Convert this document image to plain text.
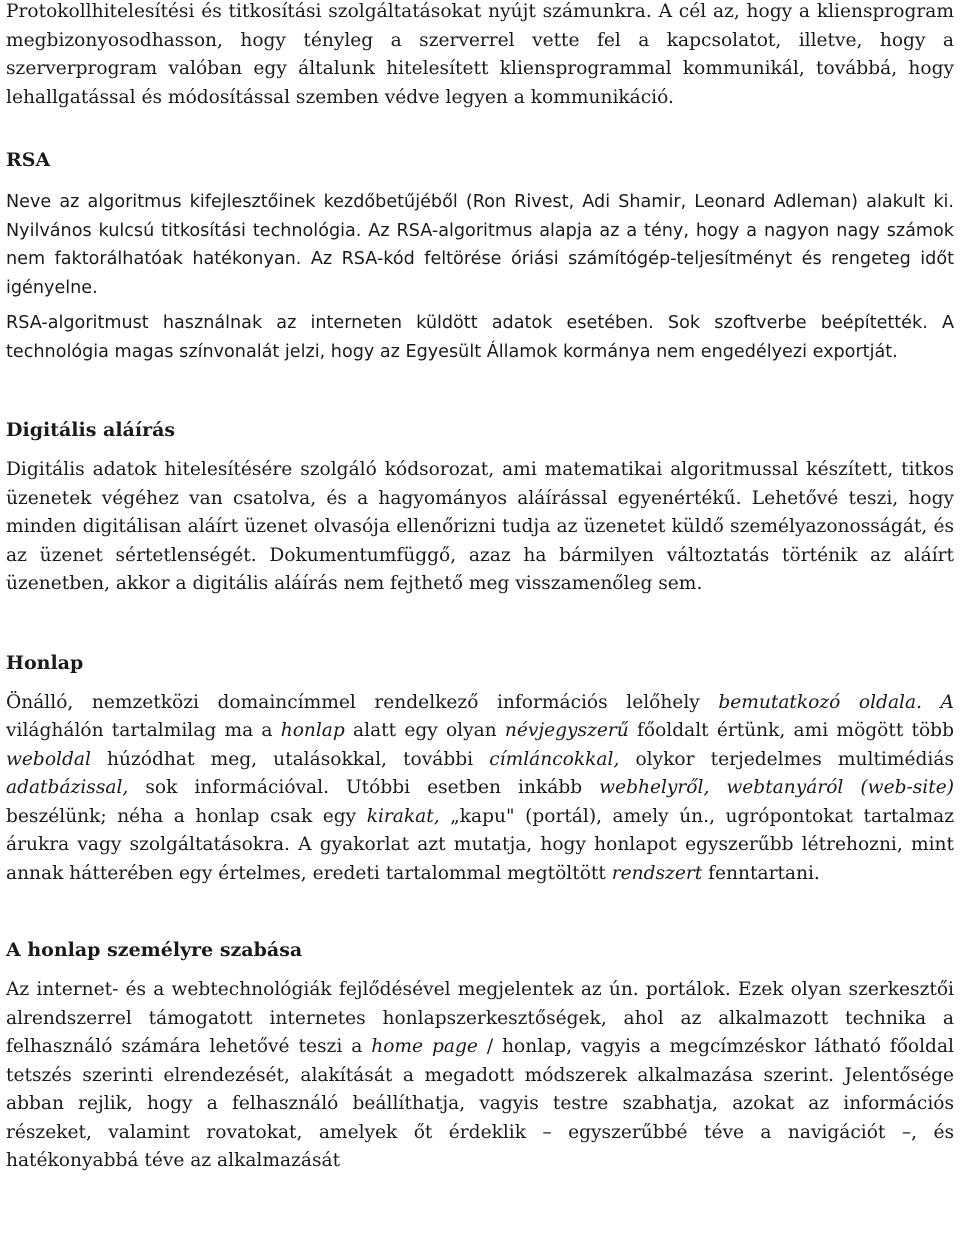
Protokollhitelesítési és titkosítási szolgáltatásokat nyújt számunkra. A cél az, hogy a kliensprogram megbizonyosodhasson, hogy tényleg a szerverrel vette fel a kapcsolatot, illetve, hogy a szerverprogram valóban egy általunk hitelesített kliensprogrammal kommunikál, továbbá, hogy lehallgatással és módosítással szemben védve legyen a kommunikáció.

RSA

Neve az algoritmus kifejlesztőinek kezdőbetűjéből (Ron Rivest, Adi Shamir, Leonard Adleman) alakult ki. Nyilvános kulcsú titkosítási technológia. Az RSA-algoritmus alapja az a tény, hogy a nagyon nagy számok nem faktorálhatóak hatékonyan. Az RSA-kód feltörése óriási számítógép-teljesítményt és rengeteg időt igényelne.

RSA-algoritmust használnak az interneten küldött adatok esetében. Sok szoftverbe beépítették. A technológia magas színvonalát jelzi, hogy az Egyesült Államok kormánya nem engedélyezi exportját.

Digitális aláírás

Digitális adatok hitelesítésére szolgáló kódsorozat, ami matematikai algoritmussal készített, titkos üzenetek végéhez van csatolva, és a hagyományos aláírással egyenértékű. Lehetővé teszi, hogy minden digitálisan aláírt üzenet olvasója ellenőrizni tudja az üzenetet küldő személyazonosságát, és az üzenet sértetlenségét. Dokumentumfüggő, azaz ha bármilyen változtatás történik az aláírt üzenetben, akkor a digitális aláírás nem fejthető meg visszamenőleg sem.

Honlap

Önálló, nemzetközi domaincímmel rendelkező információs lelőhely bemutatkozó oldala. A világhálón tartalmilag ma a honlap alatt egy olyan névjegyszerű főoldalt értünk, ami mögött több weboldal húzódhat meg, utalásokkal, további címláncokkal, olykor terjedelmes multimédiás adatbázissal, sok információval. Utóbbi esetben inkább webhelyről, webtanyáról (web-site) beszélünk; néha a honlap csak egy kirakat, „kapu" (portál), amely ún., ugrópontokat tartalmaz árukra vagy szolgáltatásokra. A gyakorlat azt mutatja, hogy honlapot egyszerűbb létrehozni, mint annak hátterében egy értelmes, eredeti tartalommal megtöltött rendszert fenntartani.

A honlap személyre szabása

Az internet- és a webtechnológiák fejlődésével megjelentek az ún. portálok. Ezek olyan szerkesztői alrendszerrel támogatott internetes honlapszerkesztőségek, ahol az alkalmazott technika a felhasználó számára lehetővé teszi a home page / honlap, vagyis a megcímzéskor látható főoldal tetszés szerinti elrendezését, alakítását a megadott módszerek alkalmazása szerint. Jelentősége abban rejlik, hogy a felhasználó beállíthatja, vagyis testre szabhatja, azokat az információs részeket, valamint rovatokat, amelyek őt érdeklik – egyszerűbbé téve a navigációt –, és hatékonyabbá téve az alkalmazását
